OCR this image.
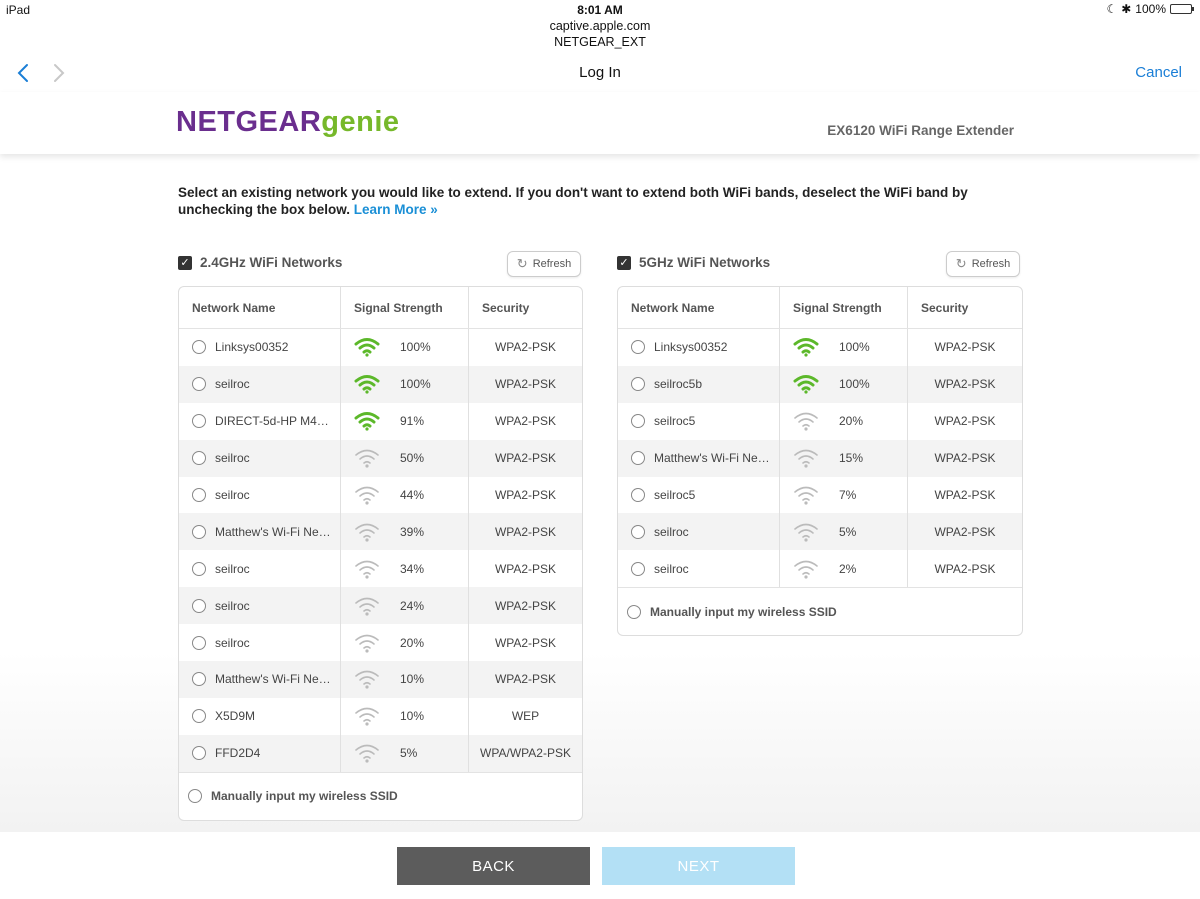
iPad	8:01 AM	☾ ✱ 100%
captive.apple.com
NETGEAR_EXT
Log In	Cancel
NETGEARgenie	EX6120 WiFi Range Extender
Select an existing network you would like to extend. If you don't want to extend both WiFi bands, deselect the WiFi band by unchecking the box below. Learn More »
✓ 2.4GHz WiFi Networks	↻ Refresh	✓ 5GHz WiFi Networks	↻ Refresh
Network Name	Signal Strength	Security
Linksys00352	100%	WPA2-PSK
seilroc	100%	WPA2-PSK
DIRECT-5d-HP M4…	91%	WPA2-PSK
seilroc	50%	WPA2-PSK
seilroc	44%	WPA2-PSK
Matthew's Wi-Fi Ne…	39%	WPA2-PSK
seilroc	34%	WPA2-PSK
seilroc	24%	WPA2-PSK
seilroc	20%	WPA2-PSK
Matthew's Wi-Fi Ne…	10%	WPA2-PSK
X5D9M	10%	WEP
FFD2D4	5%	WPA/WPA2-PSK
Manually input my wireless SSID
Network Name	Signal Strength	Security
Linksys00352	100%	WPA2-PSK
seilroc5b	100%	WPA2-PSK
seilroc5	20%	WPA2-PSK
Matthew's Wi-Fi Ne…	15%	WPA2-PSK
seilroc5	7%	WPA2-PSK
seilroc	5%	WPA2-PSK
seilroc	2%	WPA2-PSK
Manually input my wireless SSID
BACK	NEXT
